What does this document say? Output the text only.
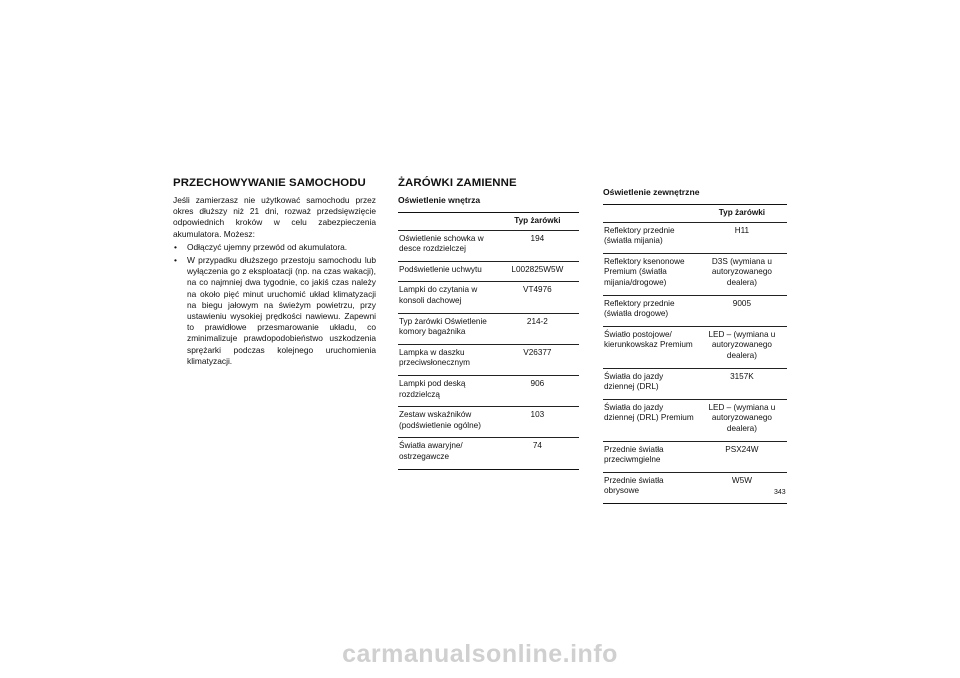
PRZECHOWYWANIE SAMOCHODU

Jeśli zamierzasz nie użytkować samochodu przez okres dłuższy niż 21 dni, rozważ przedsięwzięcie odpowiednich kroków w celu zabezpieczenia akumulatora. Możesz:

• Odłączyć ujemny przewód od akumulatora.
• W przypadku dłuższego przestoju samochodu lub wyłączenia go z eksploatacji (np. na czas wakacji), na co najmniej dwa tygodnie, co jakiś czas należy na około pięć minut uruchomić układ klimatyzacji na biegu jałowym na świeżym powietrzu, przy ustawieniu wysokiej prędkości nawiewu. Zapewni to prawidłowe przesmarowanie układu, co zminimalizuje prawdopodobieństwo uszkodzenia sprężarki podczas kolejnego uruchomienia klimatyzacji.
ŻARÓWKI ZAMIENNE
Oświetlenie wnętrza
	Typ żarówki
Oświetlenie schowka w desce rozdzielczej	194
Podświetlenie uchwytu	L002825W5W
Lampki do czytania w konsoli dachowej	VT4976
Typ żarówki Oświetlenie komory bagażnika	214-2
Lampka w daszku przeciwsłonecznym	V26377
Lampki pod deską rozdzielczą	906
Zestaw wskaźników (podświetlenie ogólne)	103
Światła awaryjne/ ostrzegawcze	74
Oświetlenie zewnętrzne
	Typ żarówki
Reflektory przednie (światła mijania)	H11
Reflektory ksenonowe Premium (światła mijania/drogowe)	D3S (wymiana u autoryzowanego dealera)
Reflektory przednie (światła drogowe)	9005
Światło postojowe/ kierunkowskaz Premium	LED – (wymiana u autoryzowanego dealera)
Światła do jazdy dziennej (DRL)	3157K
Światła do jazdy dziennej (DRL) Premium	LED – (wymiana u autoryzowanego dealera)
Przednie światła przeciwmgielne	PSX24W
Przednie światła obrysowe	W5W
343
carmanualsonline.info
